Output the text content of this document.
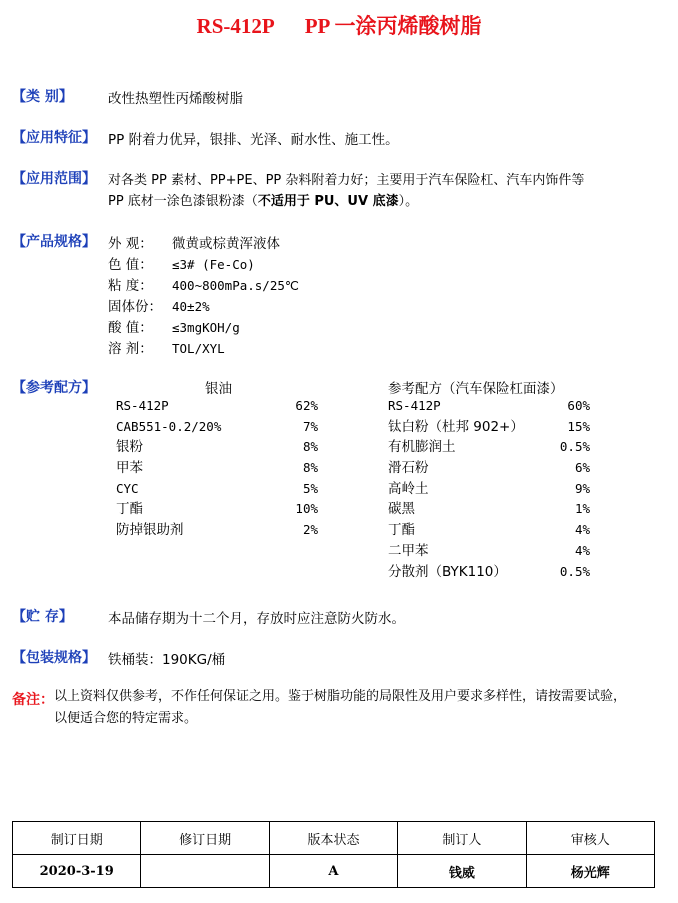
RS-412P PP 一涂丙烯酸树脂
【类 别】	改性热塑性丙烯酸树脂
【应用特征】 PP 附着力优异，银排、光泽、耐水性、施工性。
【应用范围】 对各类 PP 素材、PP+PE、PP 杂料附着力好；主要用于汽车保险杠、汽车内饰件等
PP 底材一涂色漆银粉漆（不适用于 PU、UV 底漆）。
【产品规格】 外 观： 微黄或棕黄浑液体
色 值： ≤3# (Fe-Co)
粘 度： 400~800mPa.s/25℃
固体份： 40±2%
酸 值： ≤3mgKOH/g
溶 剂： TOL/XYL
【参考配方】	银油	参考配方（汽车保险杠面漆）
RS-412P	62%
CAB551-0.2/20%	7%
银粉	8%
甲苯	8%
CYC	5%
丁酯	10%
防掉银助剂	2%
RS-412P	60%
钛白粉（杜邦 902+）	15%
有机膨润土	0.5%
滑石粉	6%
高岭土	9%
碳黑	1%
丁酯	4%
二甲苯	4%
分散剂（BYK110）	0.5%
【贮 存】	本品储存期为十二个月，存放时应注意防火防水。
【包装规格】 铁桶装：190KG/桶
备注： 以上资料仅供参考，不作任何保证之用。鉴于树脂功能的局限性及用户要求多样性，请按需要试验，
以便适合您的特定需求。
制订日期	修订日期	版本状态	制订人	审核人
2020-3-19		A	钱威	杨光辉
